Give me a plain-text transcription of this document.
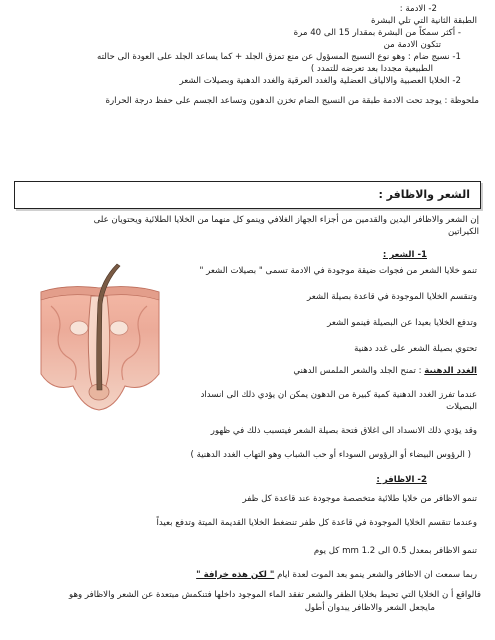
2- الادمة :
الطبقة الثانية التي تلي البشرة
- أكثر سمكاً من البشرة بمقدار 15 الى 40 مرة
تتكون الادمة من
1- نسيج ضام : وهو نوع النسيج المسؤول عن منع تمزق الجلد + كما يساعد الجلد على العودة الى حالته
الطبيعية مجددا بعد تعرضه للتمدد )
2- الخلايا العصبية والالياف العضلية والغدد العرقية والغدد الدهنية وبصيلات الشعر
ملحوظة : يوجد تحت الادمة طبقة من النسيج الضام تخزن الدهون وتساعد الجسم على حفظ درجة الحرارة
الشعر والاظافر :
إن الشعر والاظافر اليدين والقدمين من أجزاء الجهاز الغلافي وينمو كل منهما من الخلايا الطلائية ويحتويان على
الكيراتين
1- الشعر :
تنمو خلايا الشعر من فجوات ضيقة موجودة في الادمة تسمى " بصيلات الشعر "
وتنقسم الخلايا الموجودة في قاعدة بصيلة الشعر
وتدفع الخلايا بعيدا عن البصيلة فينمو الشعر
تحتوي بصيلة الشعر على غدد دهنية
الغدد الدهنية : تمنح الجلد والشعر الملمس الدهني
عندما تفرز الغدد الدهنية كمية كبيرة من الدهون يمكن ان يؤدي ذلك الى انسداد
البصيلات
وقد يؤدي ذلك الانسداد الى اغلاق فتحة بصيلة الشعر فيتسبب ذلك في ظهور
( الرؤوس البيضاء أو الرؤوس السوداء أو حب الشباب وهو التهاب الغدد الدهنية )
2- الاظافر :
تنمو الاظافر من خلايا طلائية متخصصة موجودة عند قاعدة كل ظفر
وعندما تنقسم الخلايا الموجودة في قاعدة كل ظفر تنضغط الخلايا القديمة الميتة وتدفع بعيداً
تنمو الاظافر بمعدل 0.5 الى 1.2 mm كل يوم
ربما سمعت ان الاظافر والشعر ينمو بعد الموت لعدة ايام " لكن هذه خرافة "
فالواقع أ ن الخلايا التي تحيط بخلايا الظفر والشعر تفقد الماء الموجود داخلها فتنكمش مبتعدة عن الشعر والاظافر وهو
مايجعل الشعر والاظافر يبدوان أطول
